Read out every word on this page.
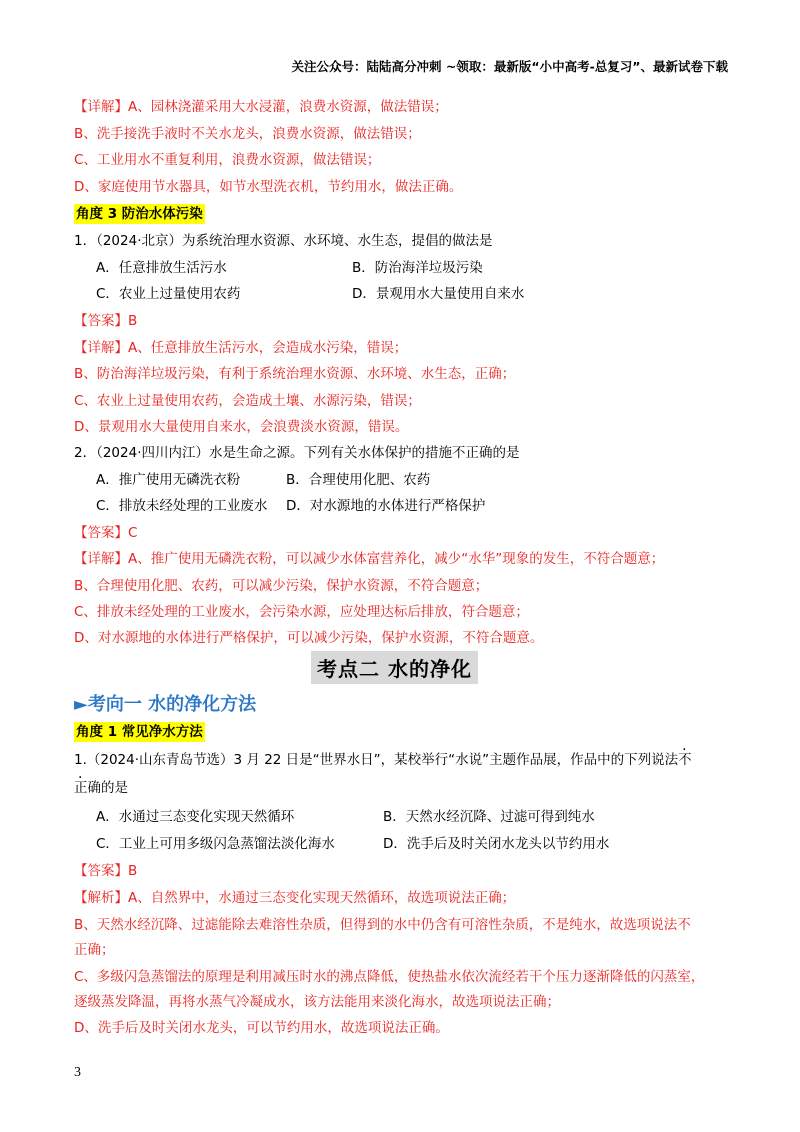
关注公众号：陆陆高分冲刺 ~领取：最新版“小中高考-总复习”、最新试卷下载
【详解】A、园林浇灌采用大水浸灌，浪费水资源，做法错误；
B、洗手接洗手液时不关水龙头，浪费水资源，做法错误；
C、工业用水不重复利用，浪费水资源，做法错误；
D、家庭使用节水器具，如节水型洗衣机，节约用水，做法正确。
角度 3 防治水体污染
1．（2024·北京）为系统治理水资源、水环境、水生态，提倡的做法是
A．任意排放生活污水	B．防治海洋垃圾污染
C．农业上过量使用农药	D．景观用水大量使用自来水
【答案】B
【详解】A、任意排放生活污水，会造成水污染，错误；
B、防治海洋垃圾污染，有利于系统治理水资源、水环境、水生态，正确；
C、农业上过量使用农药，会造成土壤、水源污染，错误；
D、景观用水大量使用自来水，会浪费淡水资源，错误。
2．（2024·四川内江）水是生命之源。下列有关水体保护的措施不正确的是
A．推广使用无磷洗衣粉	B．合理使用化肥、农药
C．排放未经处理的工业废水 D．对水源地的水体进行严格保护
【答案】C
【详解】A、推广使用无磷洗衣粉，可以减少水体富营养化，减少“水华”现象的发生，不符合题意；
B、合理使用化肥、农药，可以减少污染，保护水资源，不符合题意；
C、排放未经处理的工业废水，会污染水源，应处理达标后排放，符合题意；
D、对水源地的水体进行严格保护，可以减少污染，保护水资源，不符合题意。
考点二 水的净化
►考向一 水的净化方法
角度 1 常见净水方法
1.（2024·山东青岛节选）3 月 22 日是“世界水日”，某校举行“水说”主题作品展，作品中的下列说法不
正确的是
A．水通过三态变化实现天然循环	B．天然水经沉降、过滤可得到纯水
C．工业上可用多级闪急蒸馏法淡化海水	D．洗手后及时关闭水龙头以节约用水
【答案】B
【解析】A、自然界中，水通过三态变化实现天然循环，故选项说法正确；
B、天然水经沉降、过滤能除去难溶性杂质，但得到的水中仍含有可溶性杂质，不是纯水，故选项说法不
正确；
C、多级闪急蒸馏法的原理是利用减压时水的沸点降低，使热盐水依次流经若干个压力逐渐降低的闪蒸室，
逐级蒸发降温，再将水蒸气冷凝成水，该方法能用来淡化海水，故选项说法正确；
D、洗手后及时关闭水龙头，可以节约用水，故选项说法正确。
3
